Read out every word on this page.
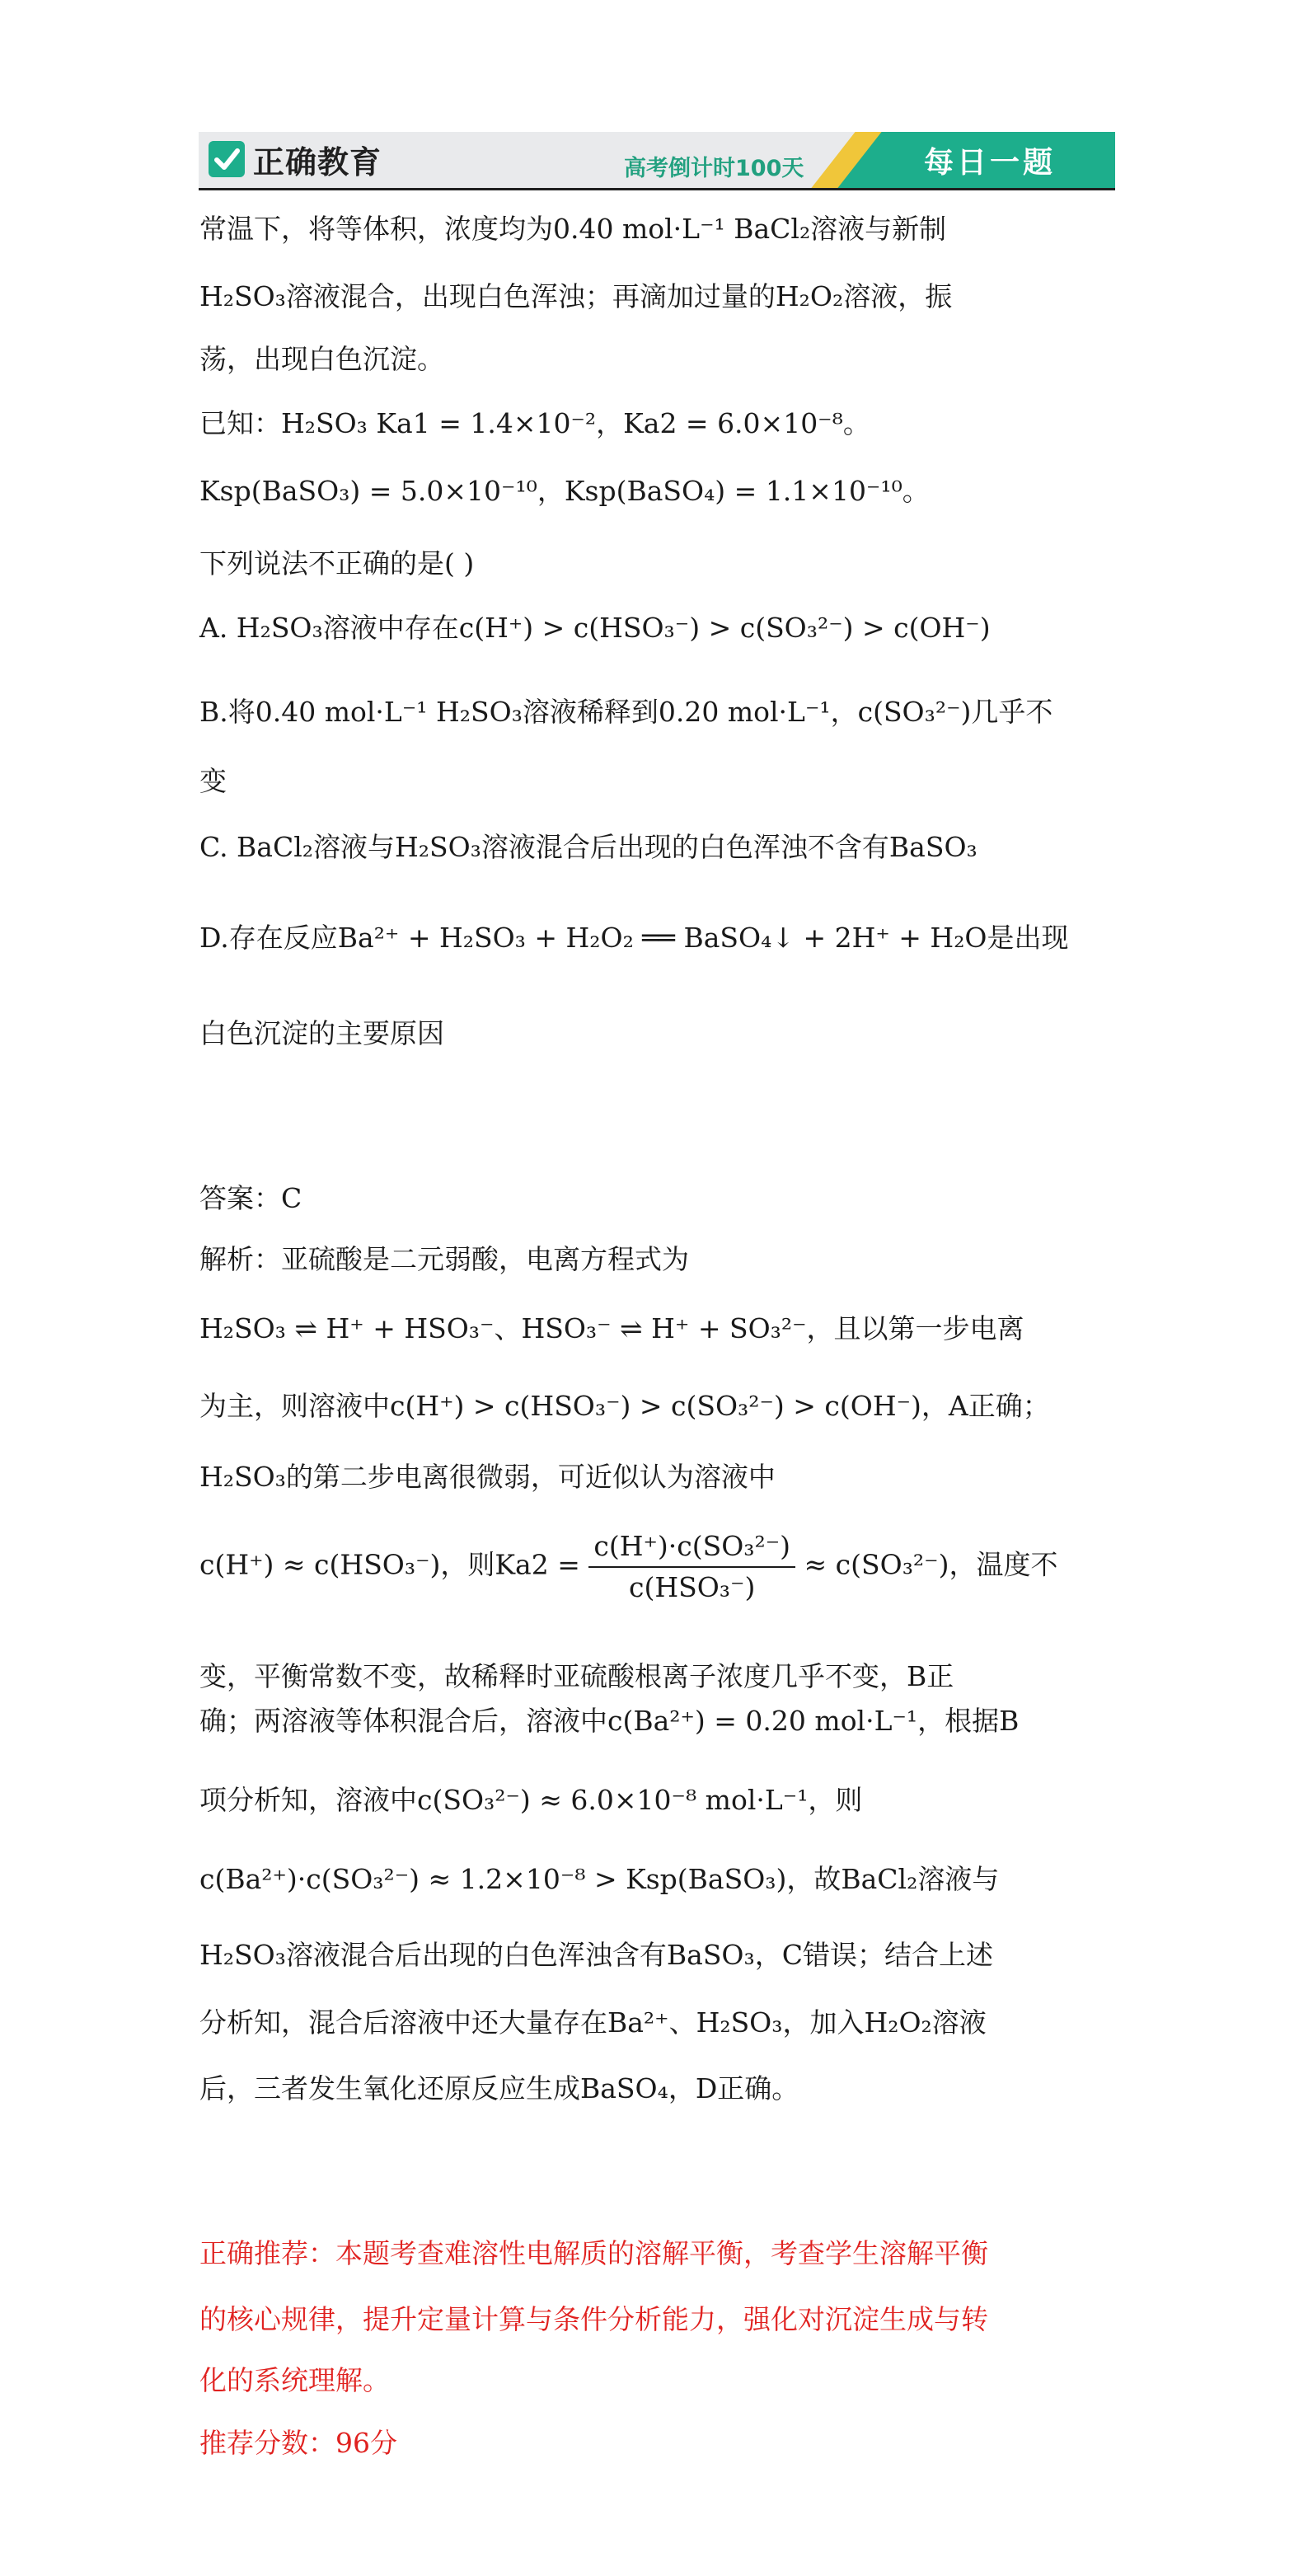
正确教育	高考倒计时100天	每日一题
常温下，将等体积，浓度均为0.40 mol·L⁻¹ BaCl₂溶液与新制
H₂SO₃溶液混合，出现白色浑浊；再滴加过量的H₂O₂溶液，振
荡，出现白色沉淀。
已知：H₂SO₃ Ka1 = 1.4×10⁻²，Ka2 = 6.0×10⁻⁸。
Ksp(BaSO₃) = 5.0×10⁻¹⁰，Ksp(BaSO₄) = 1.1×10⁻¹⁰。
下列说法不正确的是( )
A. H₂SO₃溶液中存在c(H⁺) > c(HSO₃⁻) > c(SO₃²⁻) > c(OH⁻)
B.将0.40 mol·L⁻¹ H₂SO₃溶液稀释到0.20 mol·L⁻¹，c(SO₃²⁻)几乎不
变
C. BaCl₂溶液与H₂SO₃溶液混合后出现的白色浑浊不含有BaSO₃
D.存在反应Ba²⁺ + H₂SO₃ + H₂O₂ ══ BaSO₄↓ + 2H⁺ + H₂O是出现
白色沉淀的主要原因
答案：C
解析：亚硫酸是二元弱酸，电离方程式为
H₂SO₃ ⇌ H⁺ + HSO₃⁻、HSO₃⁻ ⇌ H⁺ + SO₃²⁻，且以第一步电离
为主，则溶液中c(H⁺) > c(HSO₃⁻) > c(SO₃²⁻) > c(OH⁻)，A正确；
H₂SO₃的第二步电离很微弱，可近似认为溶液中
c(H⁺) ≈ c(HSO₃⁻)，则$Ka2 = \frac{\text{c(H⁺)·c(SO₃²⁻)}}{\text{c(HSO₃⁻)}} \approx c(SO_3^{2-})$，温度不
变，平衡常数不变，故稀释时亚硫酸根离子浓度几乎不变，B正
确；两溶液等体积混合后，溶液中c(Ba²⁺) = 0.20 mol·L⁻¹，根据B
项分析知，溶液中c(SO₃²⁻) ≈ 6.0×10⁻⁸ mol·L⁻¹，则
c(Ba²⁺)·c(SO₃²⁻) ≈ 1.2×10⁻⁸ > Ksp(BaSO₃)，故BaCl₂溶液与
H₂SO₃溶液混合后出现的白色浑浊含有BaSO₃，C错误；结合上述
分析知，混合后溶液中还大量存在Ba²⁺、H₂SO₃，加入H₂O₂溶液
后，三者发生氧化还原反应生成BaSO₄，D正确。
正确推荐：本题考查难溶性电解质的溶解平衡，考查学生溶解平衡
的核心规律，提升定量计算与条件分析能力，强化对沉淀生成与转
化的系统理解。
推荐分数：96分
